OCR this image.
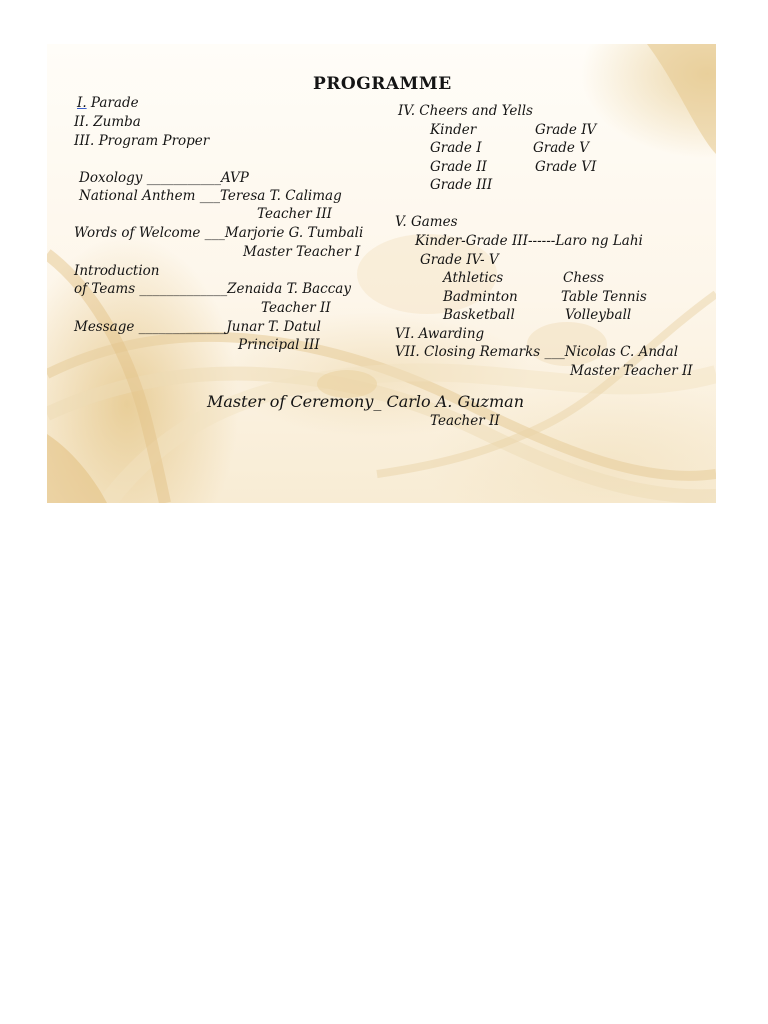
PROGRAMME
I. Parade
II. Zumba
III. Program Proper
Doxology ___________AVP
National Anthem ___Teresa T. Calimag
Teacher III
Words of Welcome ___Marjorie G. Tumbali
Master Teacher I
Introduction
of Teams _____________Zenaida T. Baccay
Teacher II
Message _____________Junar T. Datul
Principal III
IV. Cheers and Yells
Kinder
Grade I
Grade II
Grade III
Grade IV
Grade V
Grade VI
V. Games
Kinder-Grade III------Laro ng Lahi
Grade IV- V
Athletics
Badminton
Basketball
Chess
Table Tennis
Volleyball
VI. Awarding
VII. Closing Remarks ___Nicolas C. Andal
Master Teacher II
Master of Ceremony_ Carlo A. Guzman
Teacher II
